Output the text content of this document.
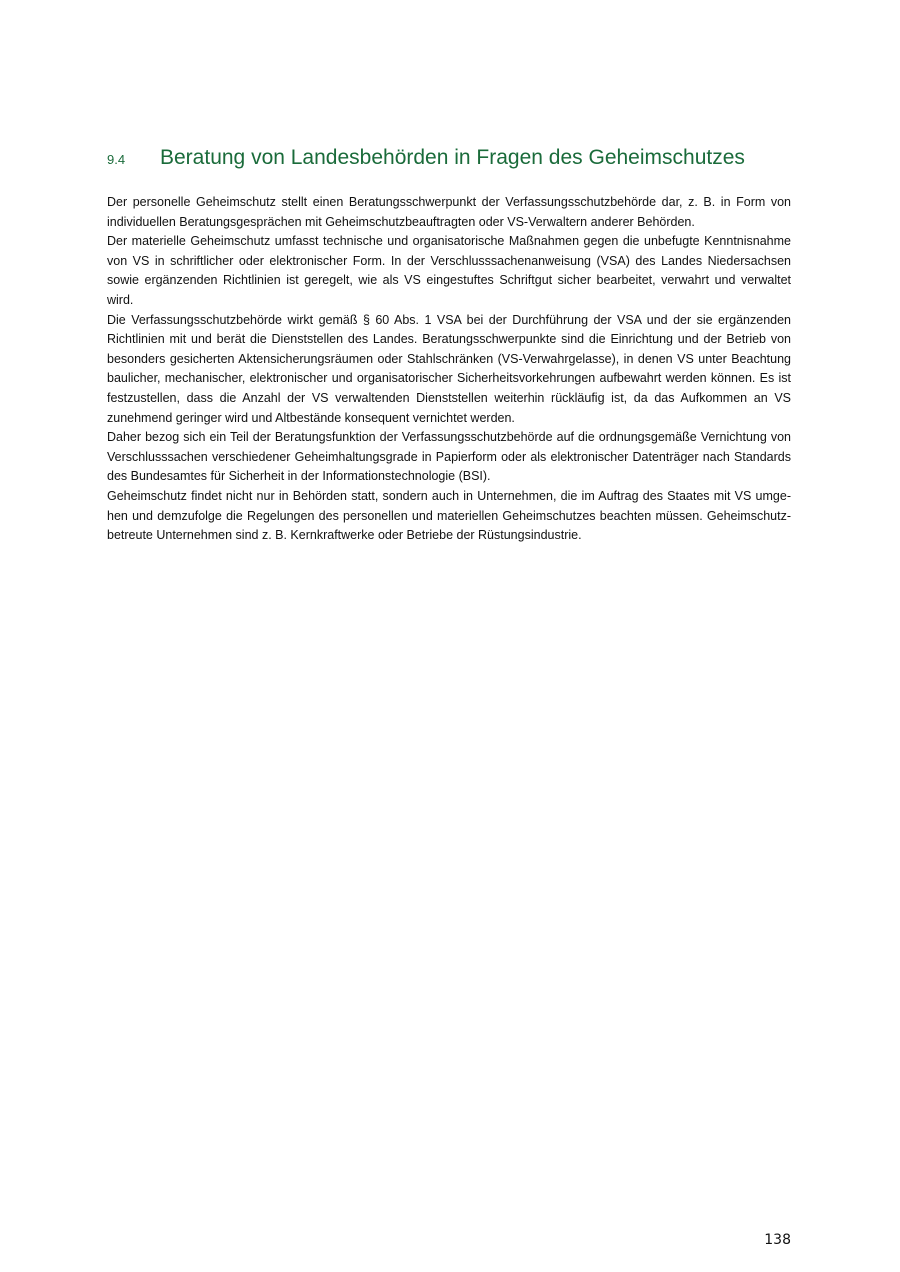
9.4	Beratung von Landesbehörden in Fragen des Geheimschutzes

Der personelle Geheimschutz stellt einen Beratungsschwerpunkt der Verfassungsschutzbehörde dar, z. B. in Form von individuellen Beratungsgesprächen mit Geheimschutzbeauftragten oder VS-Verwaltern anderer Behörden.

Der materielle Geheimschutz umfasst technische und organisatorische Maßnahmen gegen die unbefugte Kenntnisnahme von VS in schriftlicher oder elektronischer Form. In der Verschlusssachenanweisung (VSA) des Landes Niedersachsen sowie ergänzenden Richtlinien ist geregelt, wie als VS eingestuftes Schriftgut sicher bearbeitet, verwahrt und verwaltet wird.

Die Verfassungsschutzbehörde wirkt gemäß § 60 Abs. 1 VSA bei der Durchführung der VSA und der sie ergänzenden Richtlinien mit und berät die Dienststellen des Landes. Beratungsschwerpunkte sind die Einrichtung und der Betrieb von besonders gesicherten Aktensicherungsräumen oder Stahlschränken (VS-Verwahrgelasse), in denen VS unter Beachtung baulicher, mechanischer, elektronischer und organisatorischer Sicherheitsvorkehrungen aufbewahrt werden können. Es ist festzustellen, dass die Anzahl der VS verwaltenden Dienststellen weiterhin rückläufig ist, da das Aufkommen an VS zunehmend geringer wird und Altbestände konsequent vernichtet werden.

Daher bezog sich ein Teil der Beratungsfunktion der Verfassungsschutzbehörde auf die ordnungsgemäße Vernichtung von Verschlusssachen verschiedener Geheimhaltungsgrade in Papierform oder als elektronischer Datenträger nach Standards des Bundesamtes für Sicherheit in der Informationstechnologie (BSI).

Geheimschutz findet nicht nur in Behörden statt, sondern auch in Unternehmen, die im Auftrag des Staates mit VS umgehen und demzufolge die Regelungen des personellen und materiellen Geheimschutzes beachten müssen. Geheimschutzbetreute Unternehmen sind z. B. Kernkraftwerke oder Betriebe der Rüstungsindustrie.

138
